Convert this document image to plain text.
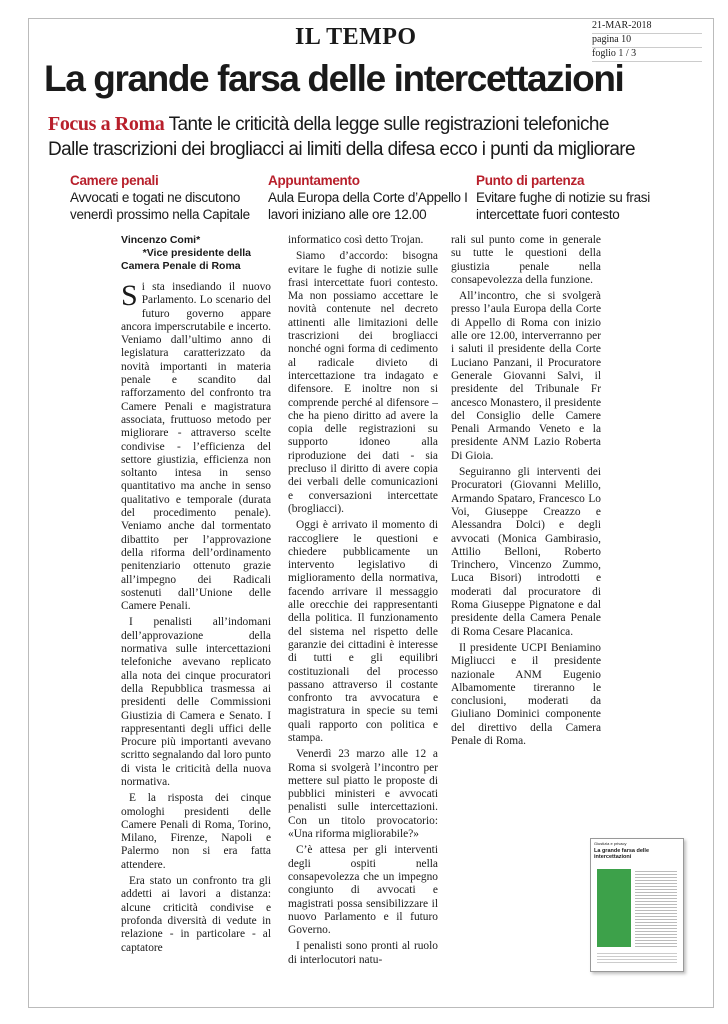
IL TEMPO	21-MAR-2018
pagina 10
foglio 1 / 3
La grande farsa delle intercettazioni
Focus a Roma Tante le criticità della legge sulle registrazioni telefoniche
Dalle trascrizioni dei brogliacci ai limiti della difesa ecco i punti da migliorare
Camere penali
Avvocati e togati ne discutono venerdì prossimo nella Capitale
Appuntamento
Aula Europa della Corte d’Appello I lavori iniziano alle ore 12.00
Punto di partenza
Evitare fughe di notizie su frasi intercettate fuori contesto
Vincenzo Comi*
*Vice presidente della
Camera Penale di Roma

Si sta insediando il nuovo Parlamento. Lo scenario del futuro governo appare ancora imperscrutabile e incerto. Veniamo dall’ultimo anno di legislatura caratterizzato da novità importanti in materia penale e scandito dal rafforzamento del confronto tra Camere Penali e magistratura associata, fruttuoso metodo per migliorare - attraverso scelte condivise - l’efficienza del settore giustizia, efficienza non soltanto intesa in senso quantitativo ma anche in senso qualitativo e temporale (durata del procedimento penale). Veniamo anche dal tormentato dibattito per l’approvazione della riforma dell’ordinamento penitenziario ottenuto grazie all’impegno dei Radicali sostenuti dall’Unione delle Camere Penali.

I penalisti all’indomani dell’approvazione della normativa sulle intercettazioni telefoniche avevano replicato alla nota dei cinque procuratori della Repubblica trasmessa ai presidenti delle Commissioni Giustizia di Camera e Senato. I rappresentanti degli uffici delle Procure più importanti avevano scritto segnalando dal loro punto di vista le criticità della nuova normativa.

E la risposta dei cinque omologhi presidenti delle Camere Penali di Roma, Torino, Milano, Firenze, Napoli e Palermo non si era fatta attendere.

Era stato un confronto tra gli addetti ai lavori a distanza: alcune criticità condivise e profonda diversità di vedute in relazione - in particolare - al captatore

informatico così detto Trojan.

Siamo d’accordo: bisogna evitare le fughe di notizie sulle frasi intercettate fuori contesto. Ma non possiamo accettare le novità contenute nel decreto attinenti alle limitazioni delle trascrizioni dei brogliacci nonché ogni forma di cedimento al radicale divieto di intercettazione tra indagato e difensore. E inoltre non si comprende perché al difensore – che ha pieno diritto ad avere la copia delle registrazioni su supporto idoneo alla riproduzione dei dati - sia precluso il diritto di avere copia dei verbali delle comunicazioni e conversazioni intercettate (brogliacci).

Oggi è arrivato il momento di raccogliere le questioni e chiedere pubblicamente un intervento legislativo di miglioramento della normativa, facendo arrivare il messaggio alle orecchie dei rappresentanti della politica. Il funzionamento del sistema nel rispetto delle garanzie dei cittadini è interesse di tutti e gli equilibri costituzionali del processo passano attraverso il costante confronto tra avvocatura e magistratura in specie su temi quali rapporto con politica e stampa.

Venerdì 23 marzo alle 12 a Roma si svolgerà l’incontro per mettere sul piatto le proposte di pubblici ministeri e avvocati penalisti sulle intercettazioni. Con un titolo provocatorio: «Una riforma migliorabile?»

C’è attesa per gli interventi degli ospiti nella consapevolezza che un impegno congiunto di avvocati e magistrati possa sensibilizzare il nuovo Parlamento e il futuro Governo.

I penalisti sono pronti al ruolo di interlocutori natu-

rali sul punto come in generale su tutte le questioni della giustizia penale nella consapevolezza della funzione.

All’incontro, che si svolgerà presso l’aula Europa della Corte di Appello di Roma con inizio alle ore 12.00, interverranno per i saluti il presidente della Corte Luciano Panzani, il Procuratore Generale Giovanni Salvi, il presidente del Tribunale Fr ancesco Monastero, il presidente del Consiglio delle Camere Penali Armando Veneto e la presidente ANM Lazio Roberta Di Gioia.

Seguiranno gli interventi dei Procuratori (Giovanni Melillo, Armando Spataro, Francesco Lo Voi, Giuseppe Creazzo e Alessandra Dolci) e degli avvocati (Monica Gambirasio, Attilio Belloni, Roberto Trinchero, Vincenzo Zummo, Luca Bisori) introdotti e moderati dal procuratore di Roma Giuseppe Pignatone e dal presidente della Camera Penale di Roma Cesare Placanica.

Il presidente UCPI Beniamino Migliucci e il presidente nazionale ANM Eugenio Albamomente tireranno le conclusioni, moderati da Giuliano Dominici componente del direttivo della Camera Penale di Roma.

Giustizia e privacy
La grande farsa delle intercettazioni
